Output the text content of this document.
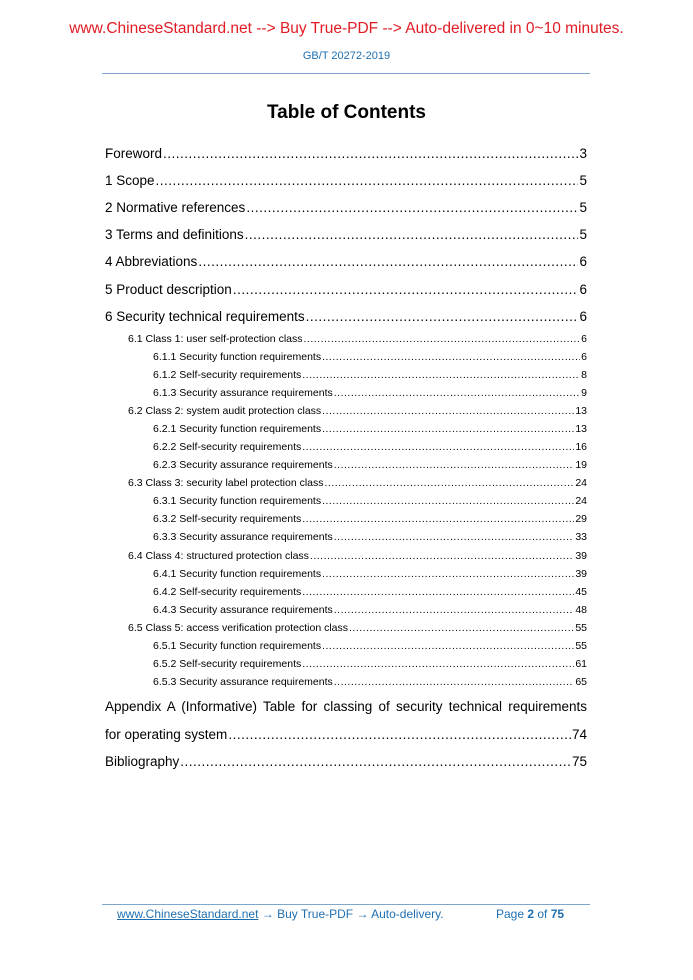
www.ChineseStandard.net --> Buy True-PDF --> Auto-delivered in 0~10 minutes.
GB/T 20272-2019
Table of Contents
Foreword .....	3
1 Scope .....	5
2 Normative references .....	5
3 Terms and definitions .....	5
4 Abbreviations .....	6
5 Product description .....	6
6 Security technical requirements .....	6
6.1 Class 1: user self-protection class .....	6
6.1.1 Security function requirements .....	6
6.1.2 Self-security requirements .....	8
6.1.3 Security assurance requirements .....	9
6.2 Class 2: system audit protection class .....	13
6.2.1 Security function requirements .....	13
6.2.2 Self-security requirements .....	16
6.2.3 Security assurance requirements .....	19
6.3 Class 3: security label protection class .....	24
6.3.1 Security function requirements .....	24
6.3.2 Self-security requirements .....	29
6.3.3 Security assurance requirements .....	33
6.4 Class 4: structured protection class .....	39
6.4.1 Security function requirements .....	39
6.4.2 Self-security requirements .....	45
6.4.3 Security assurance requirements .....	48
6.5 Class 5: access verification protection class .....	55
6.5.1 Security function requirements .....	55
6.5.2 Self-security requirements .....	61
6.5.3 Security assurance requirements .....	65
Appendix A (Informative) Table for classing of security technical requirements
for operating system .....	74
Bibliography .....	75
www.ChineseStandard.net → Buy True-PDF → Auto-delivery.	Page 2 of 75
